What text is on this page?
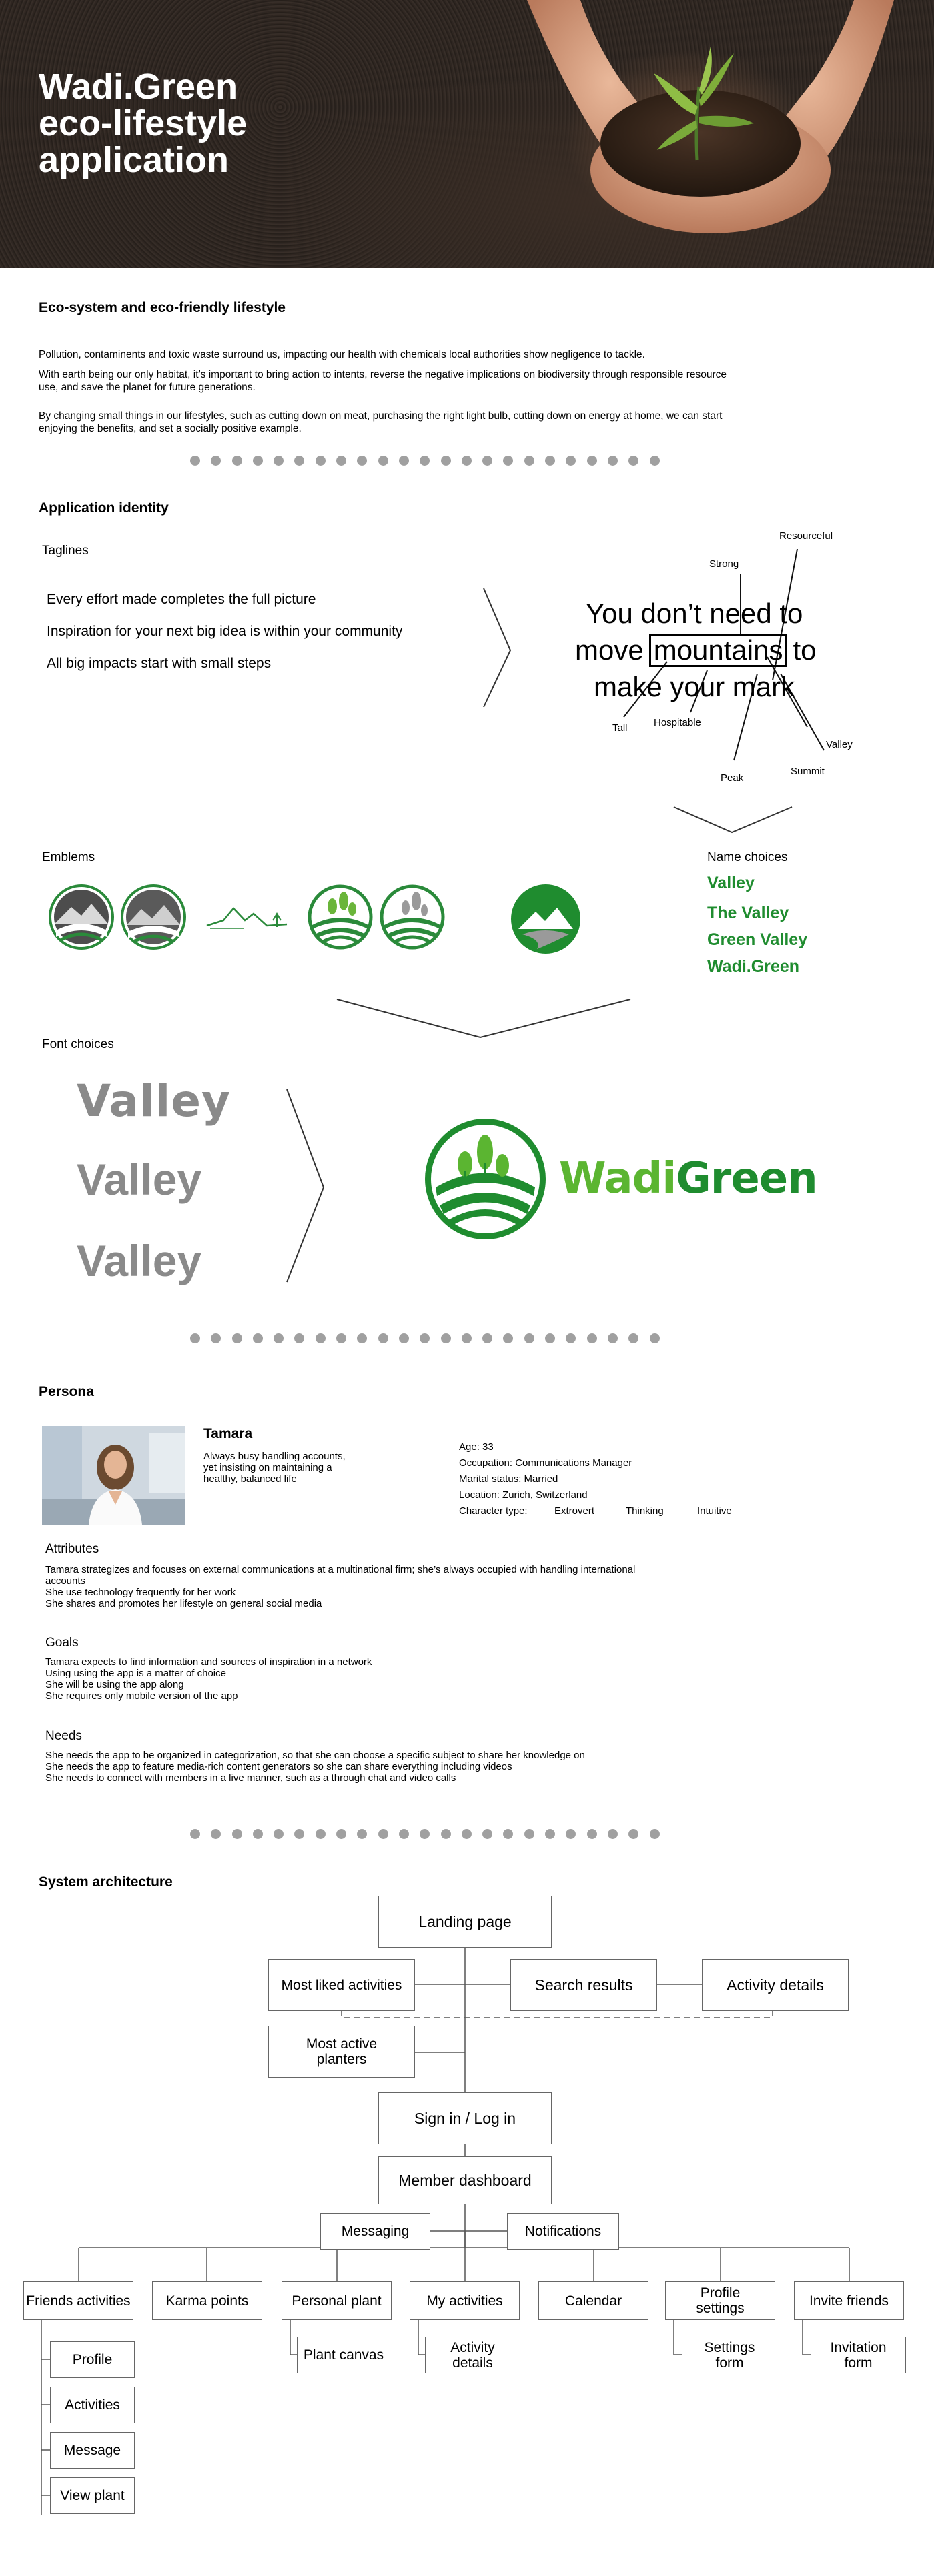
Wadi.Green
eco-lifestyle
application
Eco-system and eco-friendly lifestyle
Pollution, contaminents and toxic waste surround us, impacting our health with chemicals local authorities show negligence to tackle.
With earth being our only habitat, it’s important to bring action to intents, reverse the negative implications on biodiversity through responsible resource use, and save the planet for future generations.
By changing small things in our lifestyles, such as cutting down on meat, purchasing the right light bulb, cutting down on energy at home, we can start enjoying the benefits, and set a socially positive example.
Application identity
Taglines
Every effort made completes the full picture
Inspiration for your next big idea is within your community
All big impacts start with small steps
You don’t need to
move mountains to
make your mark
Resourceful
Strong
Tall	Hospitable
Peak
Summit
Valley
Emblems	Name choices
Valley
The Valley
Green Valley
Wadi.Green
Font choices
Valley
Valley
Valley
WadiGreen
Persona
Tamara
Always busy handling accounts,
yet insisting on maintaining a
healthy, balanced life
Age: 33
Occupation: Communications Manager
Marital status: Married
Location: Zurich, Switzerland
Character type:	Extrovert	Thinking	Intuitive
Attributes
Tamara strategizes and focuses on external communications at a multinational firm; she’s always occupied with handling international
accounts
She use technology frequently for her work
She shares and promotes her lifestyle on general social media
Goals
Tamara expects to find information and sources of inspiration in a network
Using using the app is a matter of choice
She will be using the app along
She requires only mobile version of the app
Needs
She needs the app to be organized in categorization, so that she can choose a specific subject to share her knowledge on
She needs the app to feature media-rich content generators so she can share everything including videos
She needs to connect with members in a live manner, such as a through chat and video calls
System architecture
Landing page
Most liked activities	Search results	Activity details
Most active planters
Sign in / Log in
Member dashboard
Messaging	Notifications
Friends activities	Karma points	Personal plant	My activities	Calendar	Profile settings	Invite friends
Profile
Activities
Message
View plant
Plant canvas	Activity details
Settings form
Invitation form
